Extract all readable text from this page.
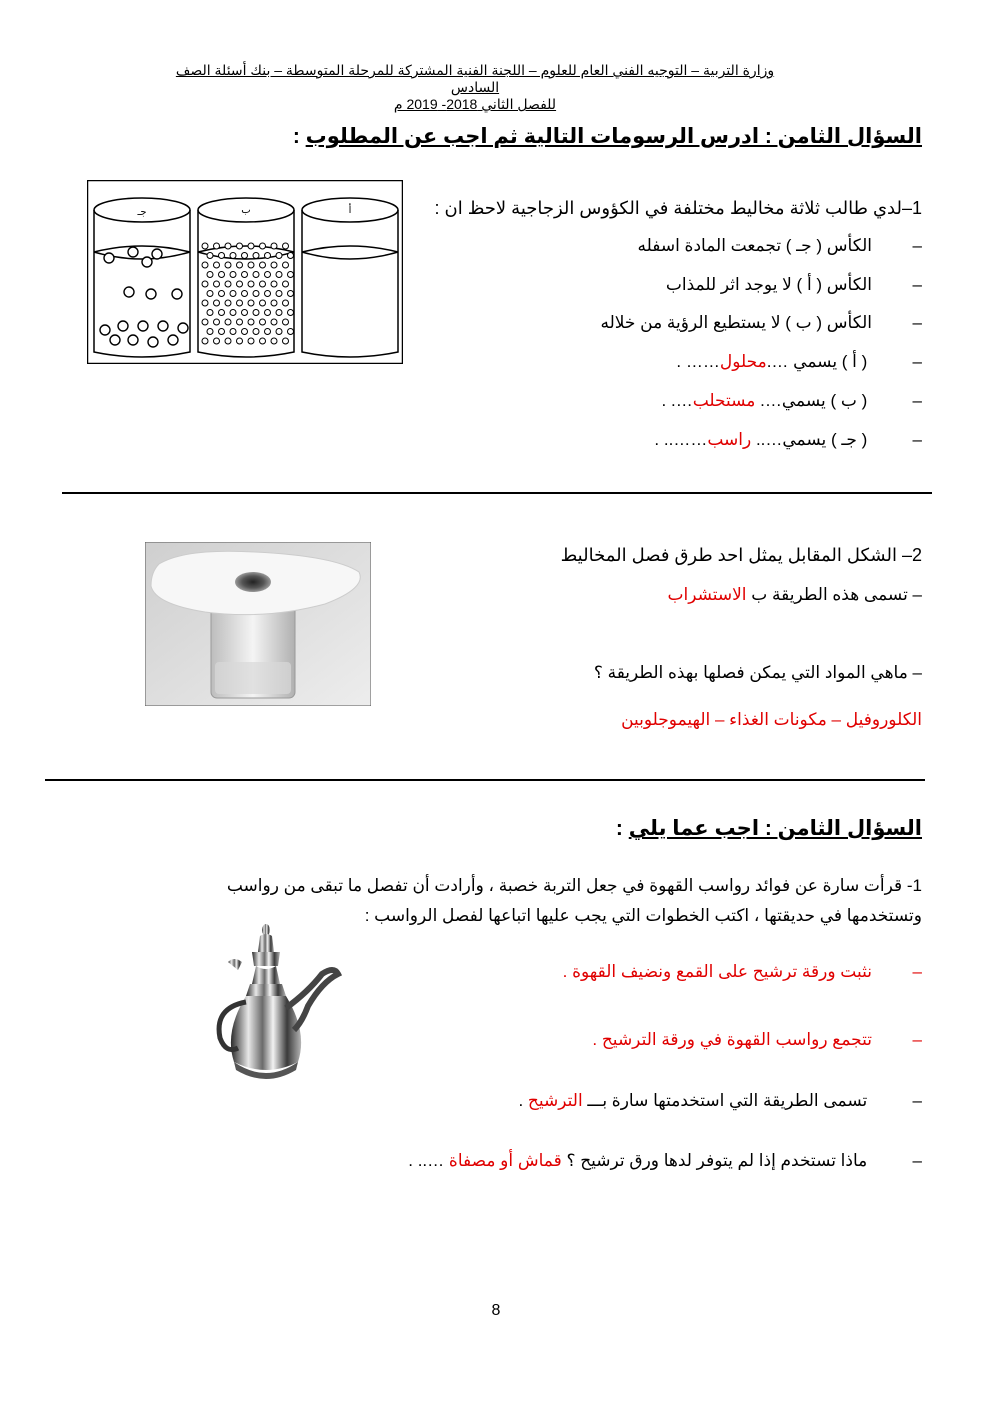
وزارة التربية – التوجيه الفني العام للعلوم – اللجنة الفنية المشتركة للمرحلة المتوسطة – بنك أسئلة الصف السادس
للفصل الثاني 2018- 2019 م
السؤال الثامن : ادرس الرسومات التالية ثم اجب عن المطلوب :
جـ	ب	أ	1–لدي طالب ثلاثة مخاليط مختلفة في الكؤوس الزجاجية لاحظ ان :
– الكأس ( جـ ) تجمعت المادة اسفله
– الكأس ( أ ) لا يوجد اثر للمذاب
– الكأس ( ب ) لا يستطيع الرؤية من خلاله
– ( أ ) يسمي ….محلول…… .
– ( ب ) يسمي…. مستحلب…. .
– ( جـ ) يسمي….. راسب…….. .
2– الشكل المقابل يمثل احد طرق فصل المخاليط
– تسمى هذه الطريقة ب الاستشراب
– ماهي المواد التي يمكن فصلها بهذه الطريقة ؟
الكلوروفيل – مكونات الغذاء – الهيموجلوبين
السؤال الثامن : اجب عما يلي :
1- قرأت سارة عن فوائد رواسب القهوة في جعل التربة خصبة ، وأرادت أن تفصل ما تبقى من رواسب
وتستخدمها في حديقتها ، اكتب الخطوات التي يجب عليها اتباعها لفصل الرواسب :
– نثبت ورقة ترشيح على القمع ونضيف القهوة .
– تتجمع رواسب القهوة في ورقة الترشيح .
– تسمى الطريقة التي استخدمتها سارة بـــ الترشيح .
– ماذا تستخدم إذا لم يتوفر لدها ورق ترشيح ؟ قماش أو مصفاة ….. .
8
